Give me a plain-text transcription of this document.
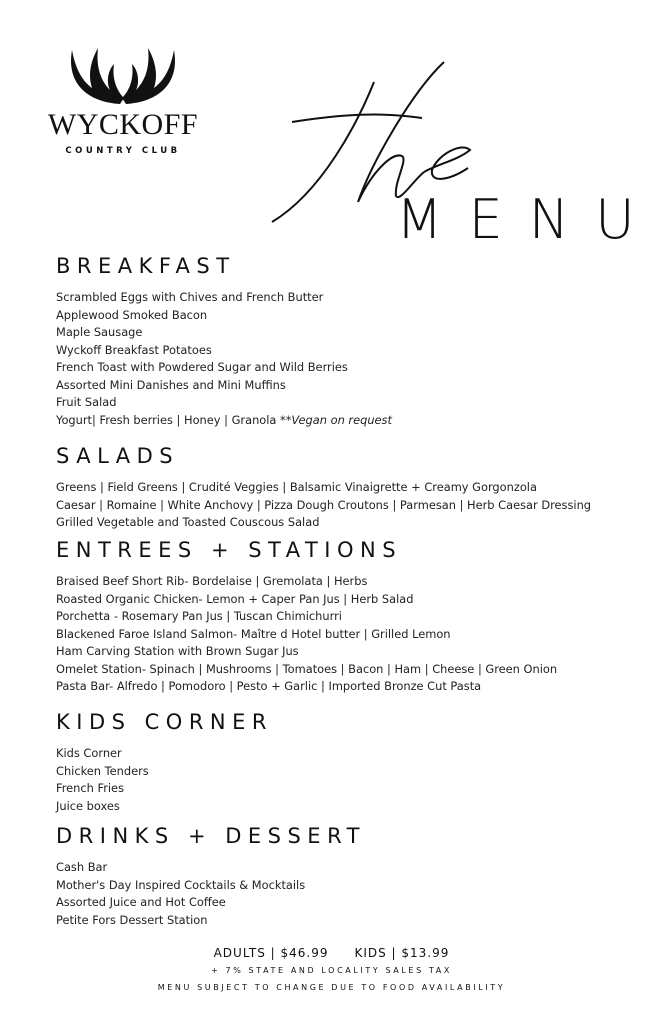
WYCKOFF
COUNTRY CLUB
MENU
BREAKFAST
Scrambled Eggs with Chives and French Butter
Applewood Smoked Bacon
Maple Sausage
Wyckoff Breakfast Potatoes
French Toast with Powdered Sugar and Wild Berries
Assorted Mini Danishes and Mini Muffins
Fruit Salad
Yogurt| Fresh berries | Honey | Granola **Vegan on request
SALADS
Greens | Field Greens | Crudité Veggies | Balsamic Vinaigrette + Creamy Gorgonzola
Caesar | Romaine | White Anchovy | Pizza Dough Croutons | Parmesan | Herb Caesar Dressing
Grilled Vegetable and Toasted Couscous Salad
ENTREES + STATIONS
Braised Beef Short Rib- Bordelaise | Gremolata | Herbs
Roasted Organic Chicken- Lemon + Caper Pan Jus | Herb Salad
Porchetta - Rosemary Pan Jus | Tuscan Chimichurri
Blackened Faroe Island Salmon- Maître d Hotel butter | Grilled Lemon
Ham Carving Station with Brown Sugar Jus
Omelet Station- Spinach | Mushrooms | Tomatoes | Bacon | Ham | Cheese | Green Onion
Pasta Bar- Alfredo | Pomodoro | Pesto + Garlic | Imported Bronze Cut Pasta
KIDS CORNER
Kids Corner
Chicken Tenders
French Fries
Juice boxes
DRINKS + DESSERT
Cash Bar
Mother's Day Inspired Cocktails & Mocktails
Assorted Juice and Hot Coffee
Petite Fors Dessert Station
ADULTS | $46.99 KIDS | $13.99
+ 7% STATE AND LOCALITY SALES TAX
MENU SUBJECT TO CHANGE DUE TO FOOD AVAILABILITY
